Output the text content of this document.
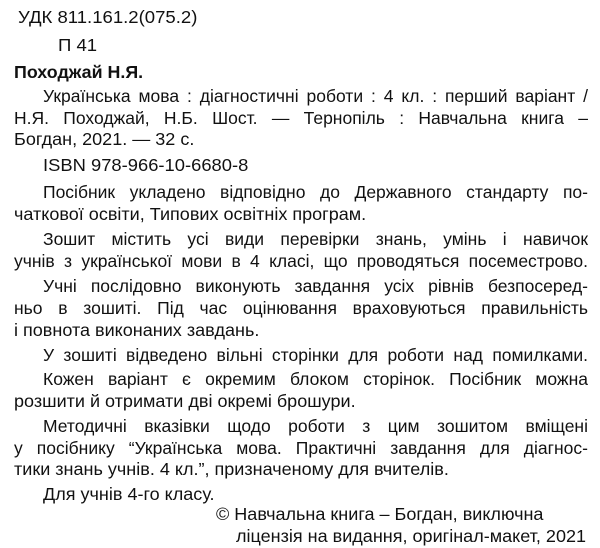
УДК 811.161.2(075.2)
П 41
Походжай Н.Я.
Українська мова : діагностичні роботи : 4 кл. : перший варіант /
Н.Я. Походжай, Н.Б. Шост. — Тернопіль : Навчальна книга –
Богдан, 2021. — 32 с.
ISBN 978-966-10-6680-8
Посібник укладено відповідно до Державного стандарту по-
чаткової освіти, Типових освітніх програм.
Зошит містить усі види перевірки знань, умінь і навичок
учнів з української мови в 4 класі, що проводяться посеместрово.
Учні послідовно виконують завдання усіх рівнів безпосеред-
ньо в зошиті. Під час оцінювання враховуються правильність
і повнота виконаних завдань.
У зошиті відведено вільні сторінки для роботи над помилками.
Кожен варіант є окремим блоком сторінок. Посібник можна
розшити й отримати дві окремі брошури.
Методичні вказівки щодо роботи з цим зошитом вміщені
у посібнику “Українська мова. Практичні завдання для діагнос-
тики знань учнів. 4 кл.”, призначеному для вчителів.
Для учнів 4-го класу.
© Навчальна книга – Богдан, виключна
ліцензія на видання, оригінал-макет, 2021
